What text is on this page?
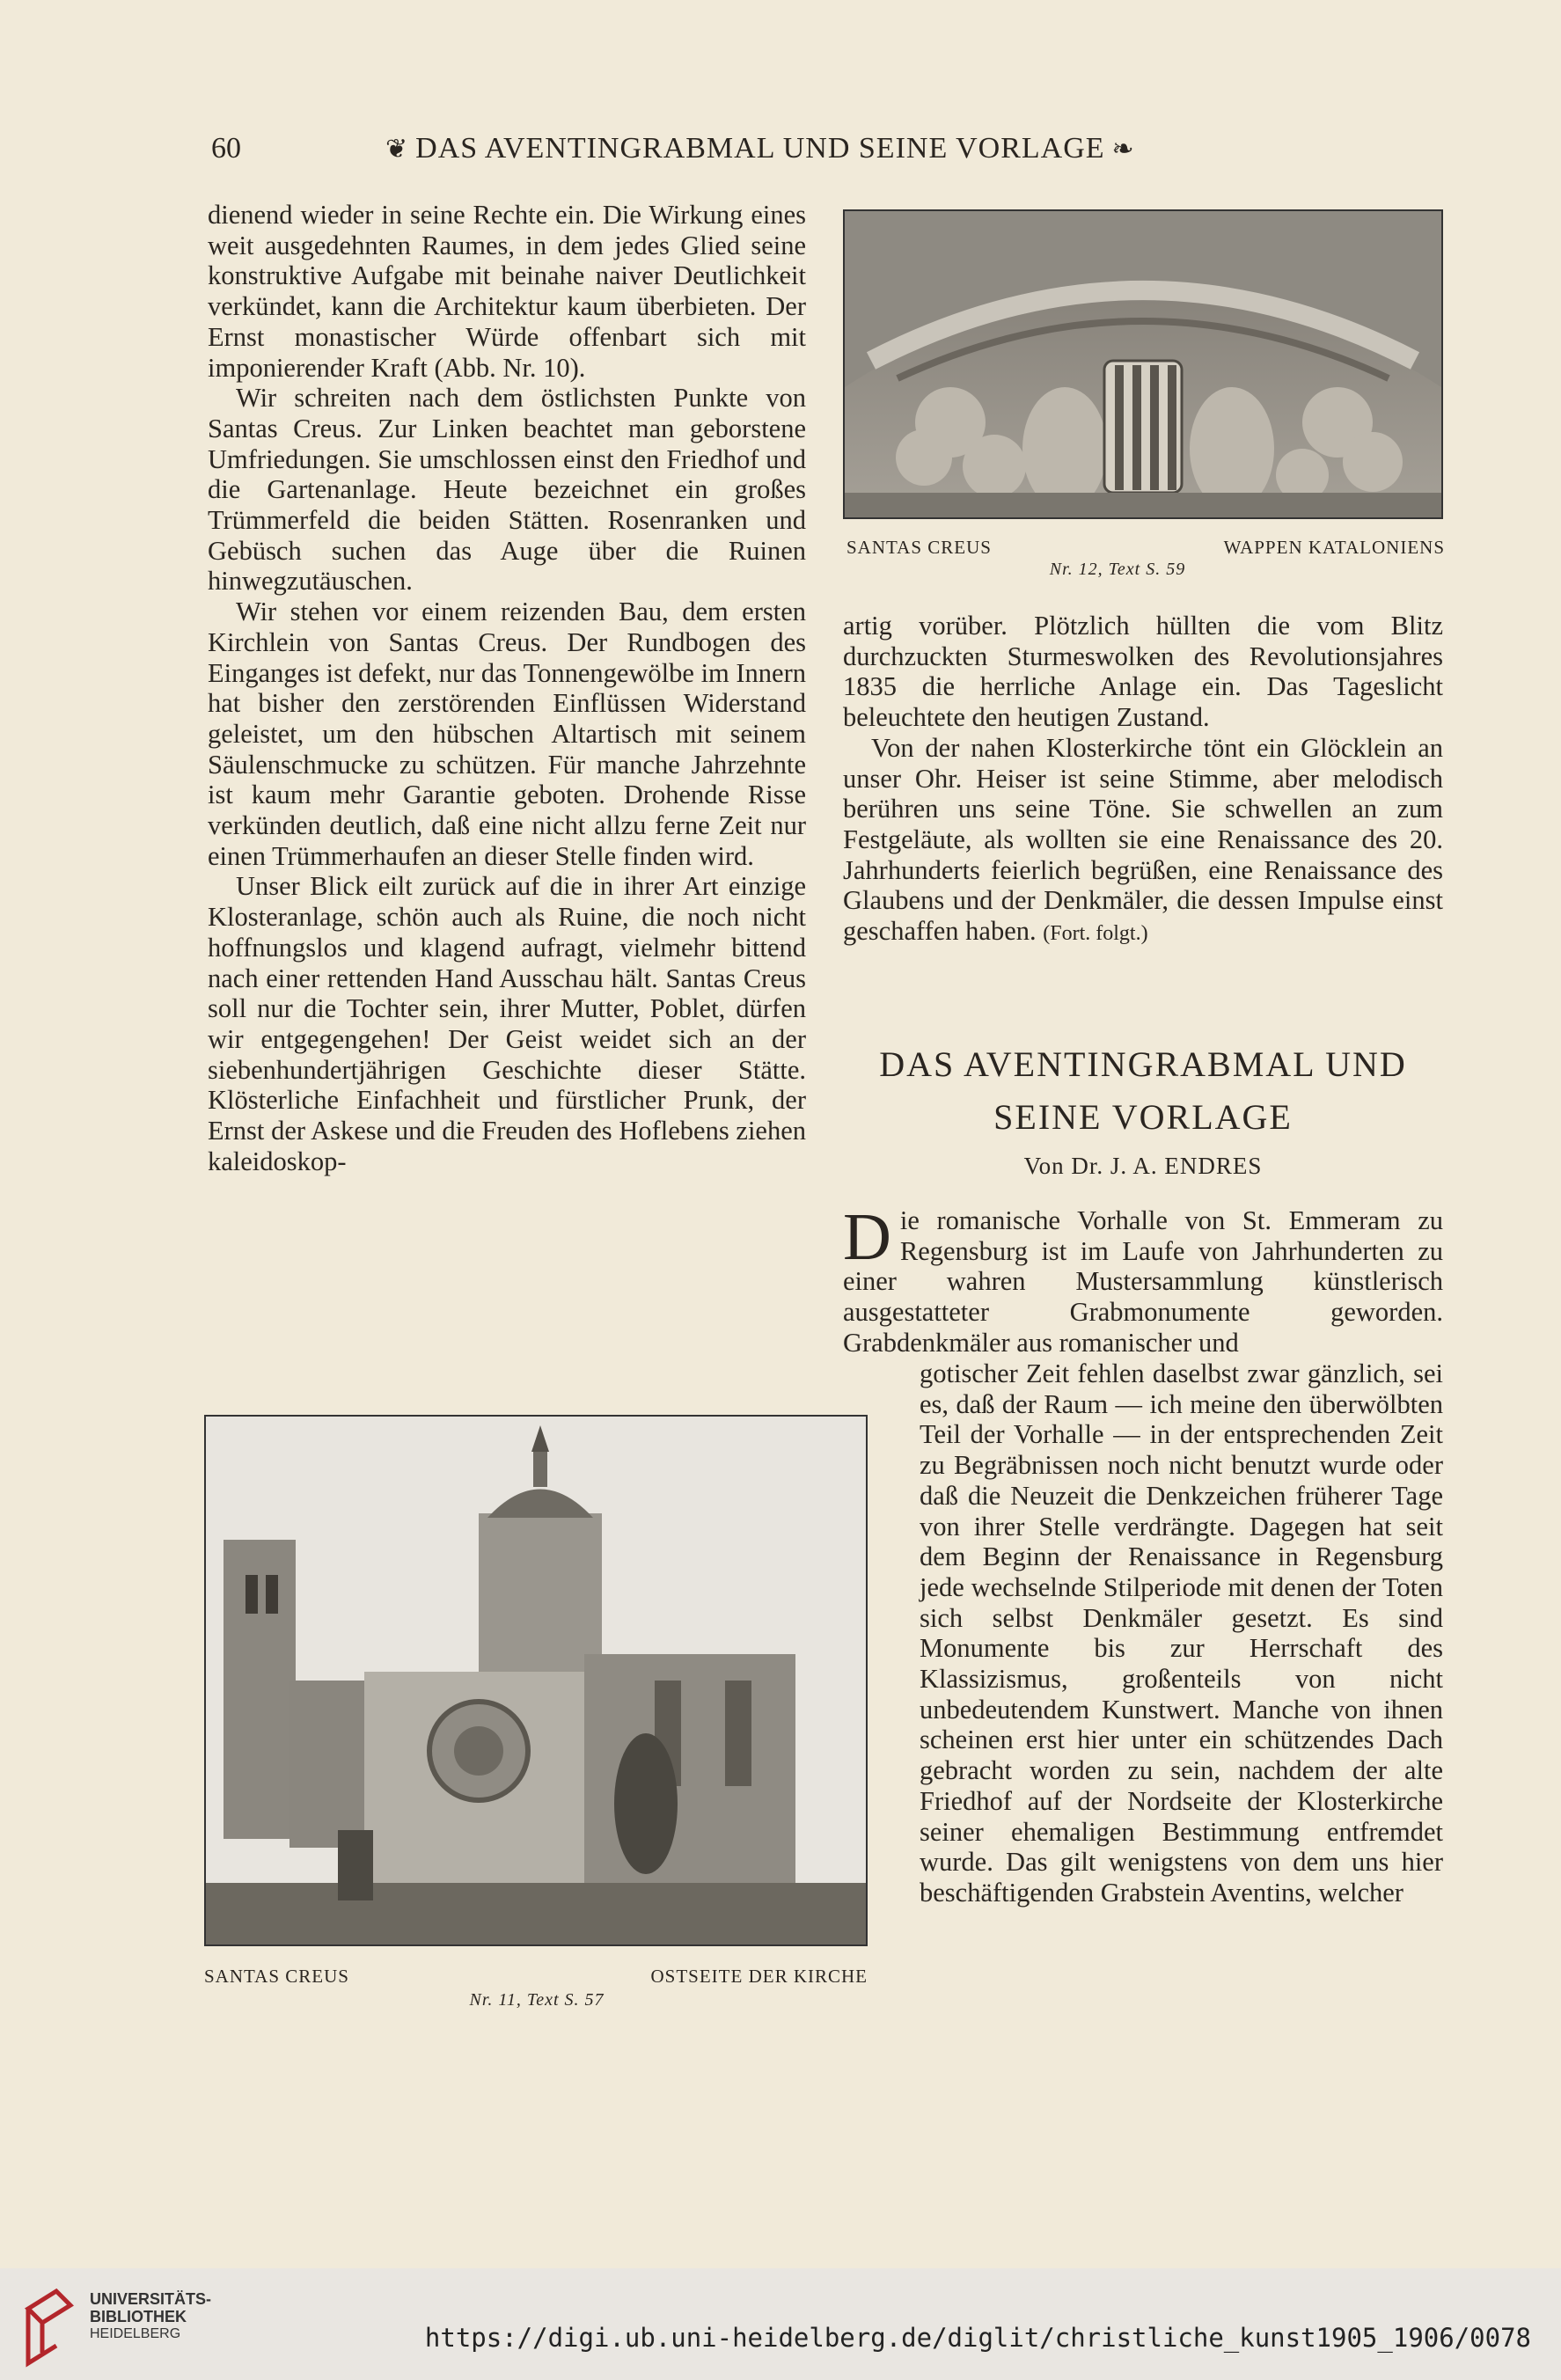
60	❦ DAS AVENTINGRABMAL UND SEINE VORLAGE ❧

dienend wieder in seine Rechte ein. Die Wirkung eines weit ausgedehnten Raumes, in dem jedes Glied seine konstruktive Aufgabe mit beinahe naiver Deutlichkeit verkündet, kann die Architektur kaum überbieten. Der Ernst monastischer Würde offenbart sich mit imponierender Kraft (Abb. Nr. 10).

Wir schreiten nach dem östlichsten Punkte von Santas Creus. Zur Linken beachtet man geborstene Umfriedungen. Sie umschlossen einst den Friedhof und die Gartenanlage. Heute bezeichnet ein großes Trümmerfeld die beiden Stätten. Rosenranken und Gebüsch suchen das Auge über die Ruinen hinwegzutäuschen.

Wir stehen vor einem reizenden Bau, dem ersten Kirchlein von Santas Creus. Der Rundbogen des Einganges ist defekt, nur das Tonnengewölbe im Innern hat bisher den zerstörenden Einflüssen Widerstand geleistet, um den hübschen Altartisch mit seinem Säulenschmucke zu schützen. Für manche Jahrzehnte ist kaum mehr Garantie geboten. Drohende Risse verkünden deutlich, daß eine nicht allzu ferne Zeit nur einen Trümmerhaufen an dieser Stelle finden wird.

Unser Blick eilt zurück auf die in ihrer Art einzige Klosteranlage, schön auch als Ruine, die noch nicht hoffnungslos und klagend aufragt, vielmehr bittend nach einer rettenden Hand Ausschau hält. Santas Creus soll nur die Tochter sein, ihrer Mutter, Poblet, dürfen wir entgegengehen! Der Geist weidet sich an der siebenhundertjährigen Geschichte dieser Stätte. Klösterliche Einfachheit und fürstlicher Prunk, der Ernst der Askese und die Freuden des Hoflebens ziehen kaleidoskop-

SANTAS CREUS	WAPPEN KATALONIENS
Nr. 12, Text S. 59

artig vorüber. Plötzlich hüllten die vom Blitz durchzuckten Sturmeswolken des Revolutionsjahres 1835 die herrliche Anlage ein. Das Tageslicht beleuchtete den heutigen Zustand.

Von der nahen Klosterkirche tönt ein Glöcklein an unser Ohr. Heiser ist seine Stimme, aber melodisch berühren uns seine Töne. Sie schwellen an zum Festgeläute, als wollten sie eine Renaissance des 20. Jahrhunderts feierlich begrüßen, eine Renaissance des Glaubens und der Denkmäler, die dessen Impulse einst geschaffen haben. (Fort. folgt.)

DAS AVENTINGRABMAL UND
SEINE VORLAGE
Von Dr. J. A. ENDRES
Die romanische Vorhalle von St. Emmeram zu Regensburg ist im Laufe von Jahrhunderten zu einer wahren Mustersammlung künstlerisch ausgestatteter Grabmonumente geworden. Grabdenkmäler aus romanischer und
gotischer Zeit fehlen daselbst zwar gänzlich, sei es, daß der Raum — ich meine den überwölbten Teil der Vorhalle — in der entsprechenden Zeit zu Begräbnissen noch nicht benutzt wurde oder daß die Neuzeit die Denkzeichen früherer Tage von ihrer Stelle verdrängte. Dagegen hat seit dem Beginn der Renaissance in Regensburg jede wechselnde Stilperiode mit denen der Toten sich selbst Denkmäler gesetzt. Es sind Monumente bis zur Herrschaft des Klassizismus, großenteils von nicht unbedeutendem Kunstwert. Manche von ihnen scheinen erst hier unter ein schützendes Dach gebracht worden zu sein, nachdem der alte Friedhof auf der Nordseite der Klosterkirche seiner ehemaligen Bestimmung entfremdet wurde. Das gilt wenigstens von dem uns hier beschäftigenden Grabstein Aventins, welcher
SANTAS CREUS	OSTSEITE DER KIRCHE
Nr. 11, Text S. 57
UNIVERSITÄTS-
BIBLIOTHEK
HEIDELBERG	https://digi.ub.uni-heidelberg.de/diglit/christliche_kunst1905_1906/0078
